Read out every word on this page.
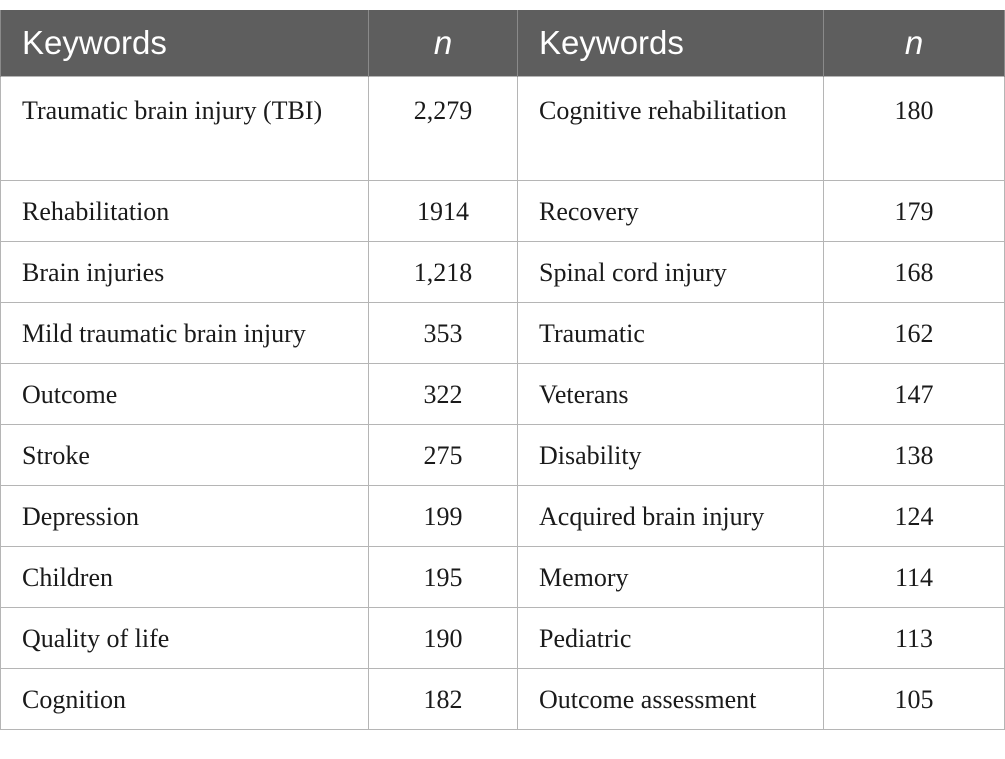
Keywords	n	Keywords	n
Traumatic brain injury (TBI)	2,279	Cognitive rehabilitation	180
Rehabilitation	1914	Recovery	179
Brain injuries	1,218	Spinal cord injury	168
Mild traumatic brain injury	353	Traumatic	162
Outcome	322	Veterans	147
Stroke	275	Disability	138
Depression	199	Acquired brain injury	124
Children	195	Memory	114
Quality of life	190	Pediatric	113
Cognition	182	Outcome assessment	105
